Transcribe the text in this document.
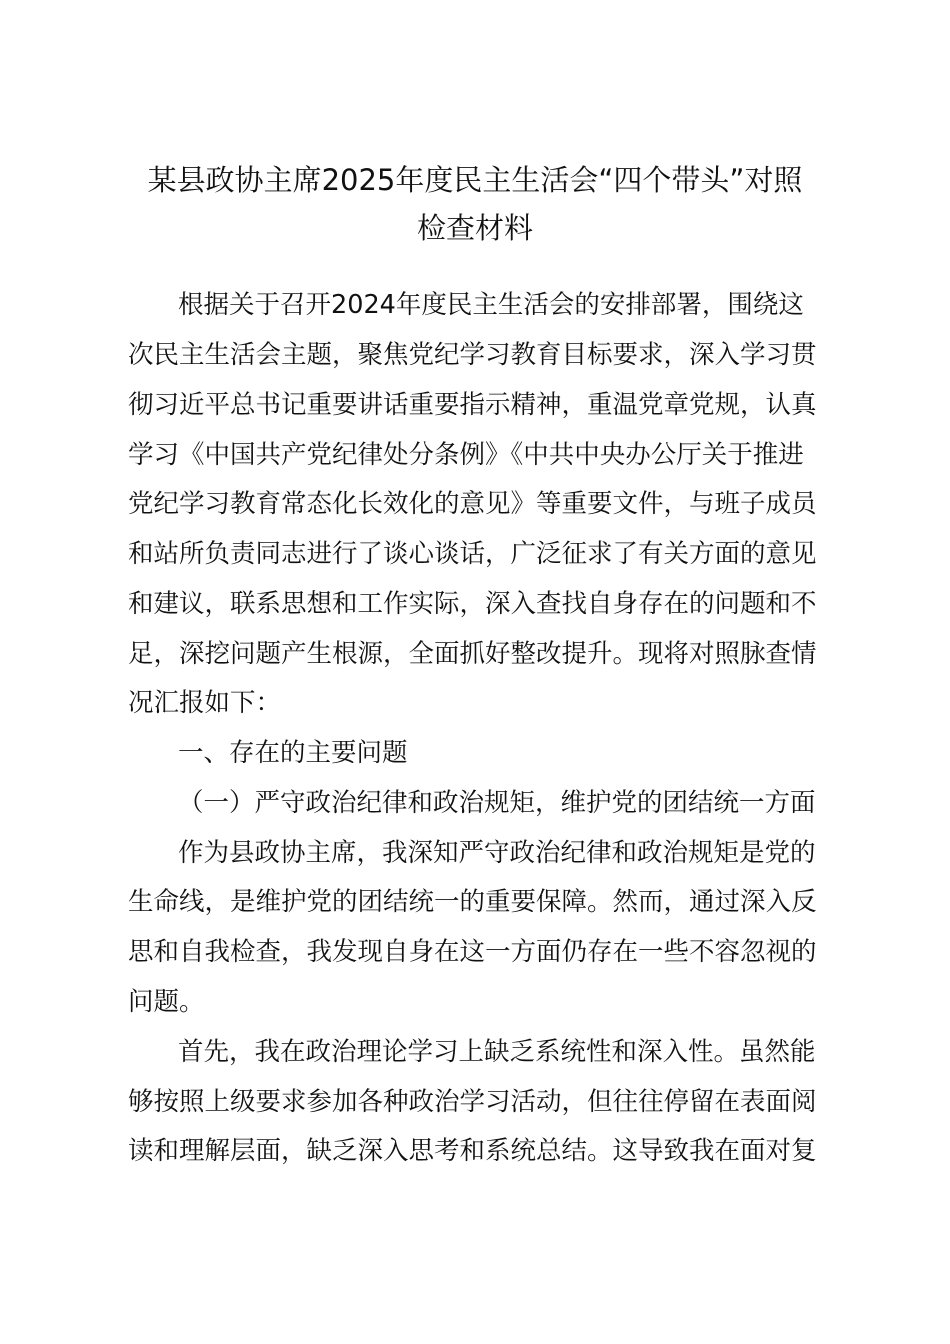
某县政协主席2025年度民主生活会“四个带头”对照
检查材料
根据关于召开2024年度民主生活会的安排部署，围绕这
次民主生活会主题，聚焦党纪学习教育目标要求，深入学习贯
彻习近平总书记重要讲话重要指示精神，重温党章党规，认真
学习《中国共产党纪律处分条例》《中共中央办公厅关于推进
党纪学习教育常态化长效化的意见》等重要文件，与班子成员
和站所负责同志进行了谈心谈话，广泛征求了有关方面的意见
和建议，联系思想和工作实际，深入查找自身存在的问题和不
足，深挖问题产生根源，全面抓好整改提升。现将对照脉查情
况汇报如下：
一、存在的主要问题
（一）严守政治纪律和政治规矩，维护党的团结统一方面
作为县政协主席，我深知严守政治纪律和政治规矩是党的
生命线，是维护党的团结统一的重要保障。然而，通过深入反
思和自我检查，我发现自身在这一方面仍存在一些不容忽视的
问题。
首先，我在政治理论学习上缺乏系统性和深入性。虽然能
够按照上级要求参加各种政治学习活动，但往往停留在表面阅
读和理解层面，缺乏深入思考和系统总结。这导致我在面对复
